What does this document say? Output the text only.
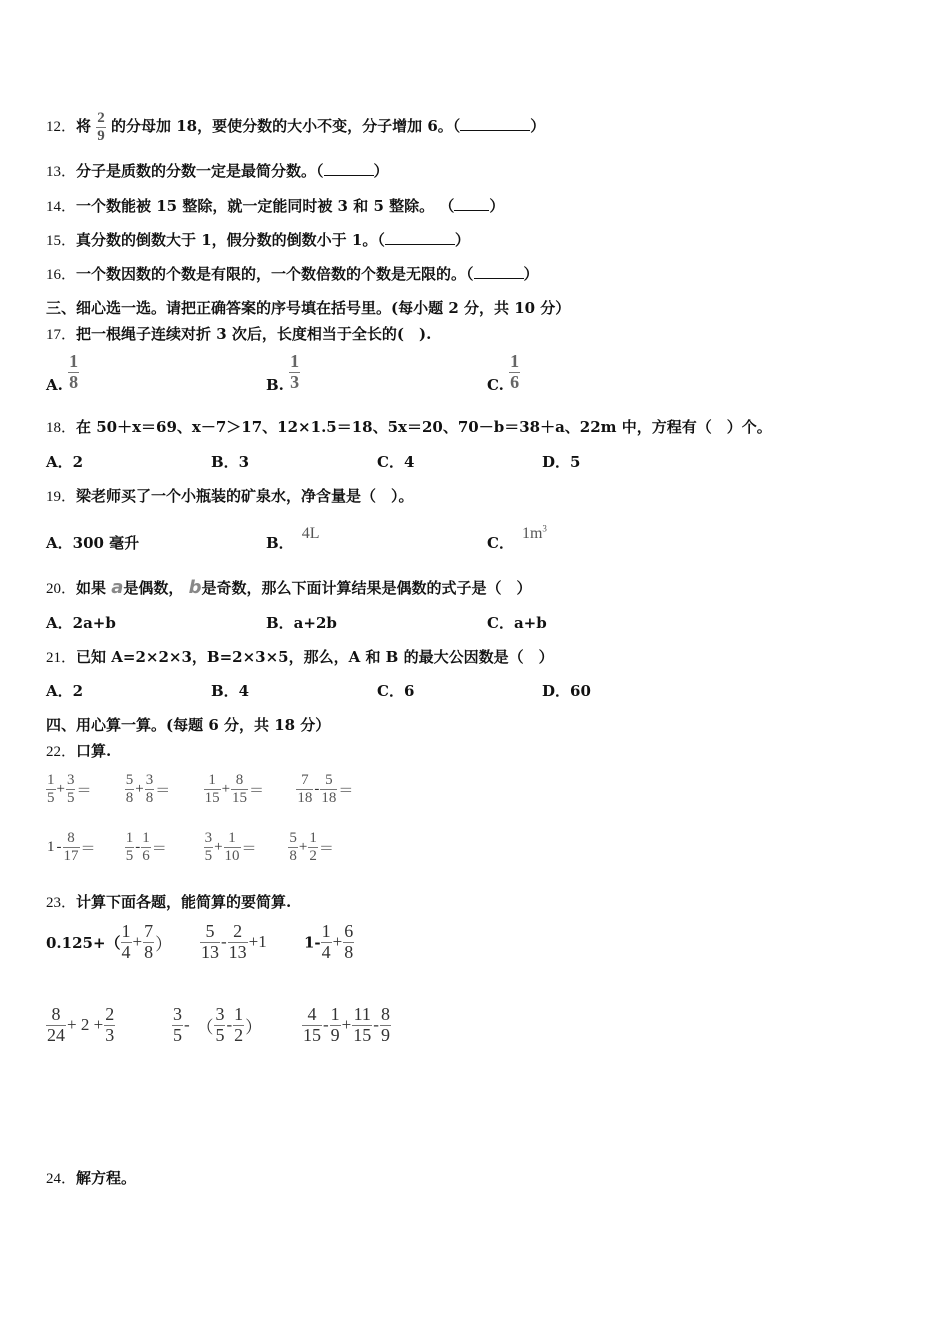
12．将 $\frac{2}{9}$ 的分母加 18，要使分数的大小不变，分子增加 6。（	）
13．分子是质数的分数一定是最简分数。（	）
14．一个数能被 15 整除，就一定能同时被 3 和 5 整除。 （ ）
15．真分数的倒数大于 1，假分数的倒数小于 1。（	）
16．一个数因数的个数是有限的，一个数倍数的个数是无限的。（	）
三、细心选一选。请把正确答案的序号填在括号里。(每小题 2 分，共 10 分）
17．把一根绳子连续对折 3 次后，长度相当于全长的(　).
A. $\frac{1}{8}$	B. $\frac{1}{3}$	C. $\frac{1}{6}$
18．在 50＋x＝69、x－7＞17、12×1.5＝18、5x＝20、70－b＝38＋a、22m 中，方程有（　）个。
A．2	B．3	C．4	D．5
19．梁老师买了一个小瓶装的矿泉水，净含量是（　）。
A．300 毫升	B．4L
C．$1m^3$
20．如果 a是偶数， b是奇数，那么下面计算结果是偶数的式子是（　）
A．2a+b	B．a+2b	C．a+b
21．已知 A=2×2×3，B=2×3×5，那么，A 和 B 的最大公因数是（　）
A．2	B．4	C．6	D．60
四、用心算一算。(每题 6 分，共 18 分）
22．口算.
$\frac{1}{5} + \frac{3}{5} = \frac{5}{8} + \frac{3}{8} = \frac{1}{15} + \frac{8}{15} = \frac{7}{18} - \frac{5}{18}$ ＝
$1 - \frac{8}{17} = \frac{1}{5} - \frac{1}{6} = \frac{3}{5} + \frac{1}{10} = \frac{5}{8} + \frac{1}{2}$ ＝
23．计算下面各题，能简算的要简算.
$0.125+( \frac{1}{4} + \frac{7}{8}$ ） $\frac{5}{13} - \frac{2}{13} +1$ $1- \frac{1}{4} + \frac{6}{8}$
$\frac{8}{24} + 2 + \frac{2}{3}$	$\frac{3}{5}$ - （ $\frac{3}{5} - \frac{1}{2}$ ） $\frac{4}{15} - \frac{1}{9} + \frac{11}{15} - \frac{8}{9}$
24．解方程。
